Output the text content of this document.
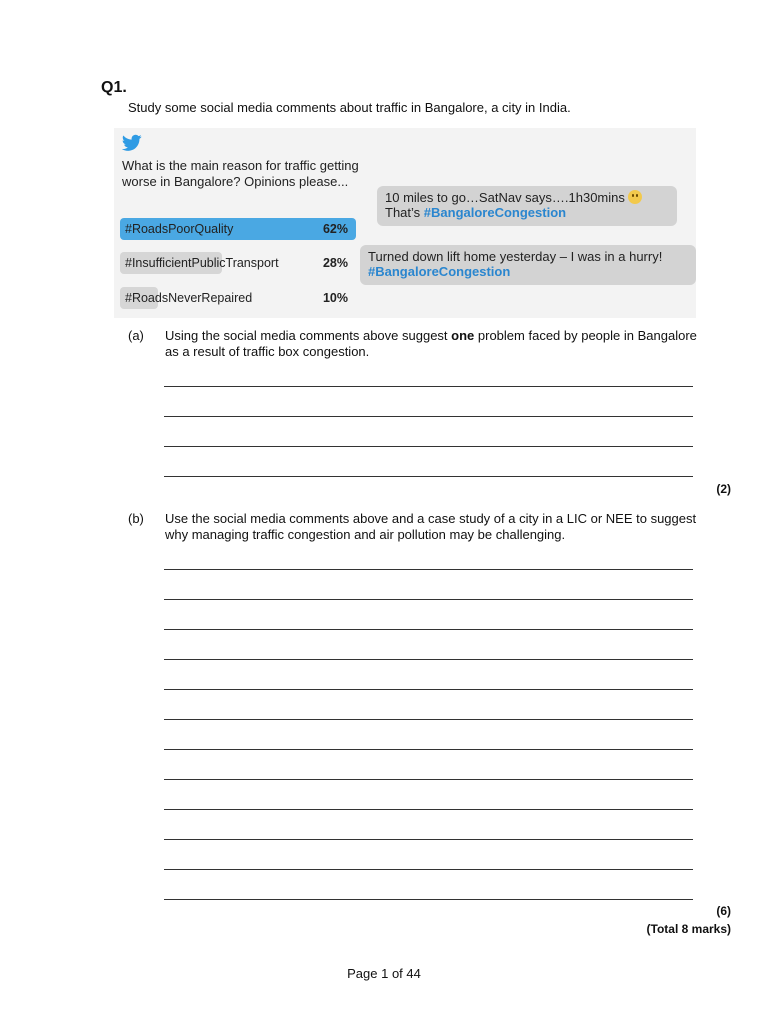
Q1.
Study some social media comments about traffic in Bangalore, a city in India.
What is the main reason for traffic getting worse in Bangalore? Opinions please...
#RoadsPoorQuality	62%
#InsufficientPublicTransport	28%
#RoadsNeverRepaired	10%
10 miles to go…SatNav says….1h30mins
That’s #BangaloreCongestion
Turned down lift home yesterday – I was in a hurry!
#BangaloreCongestion
(a) Using the social media comments above suggest one problem faced by people in Bangalore as a result of traffic box congestion.
(2)
(b) Use the social media comments above and a case study of a city in a LIC or NEE to suggest why managing traffic congestion and air pollution may be challenging.
(6)
(Total 8 marks)
Page 1 of 44
